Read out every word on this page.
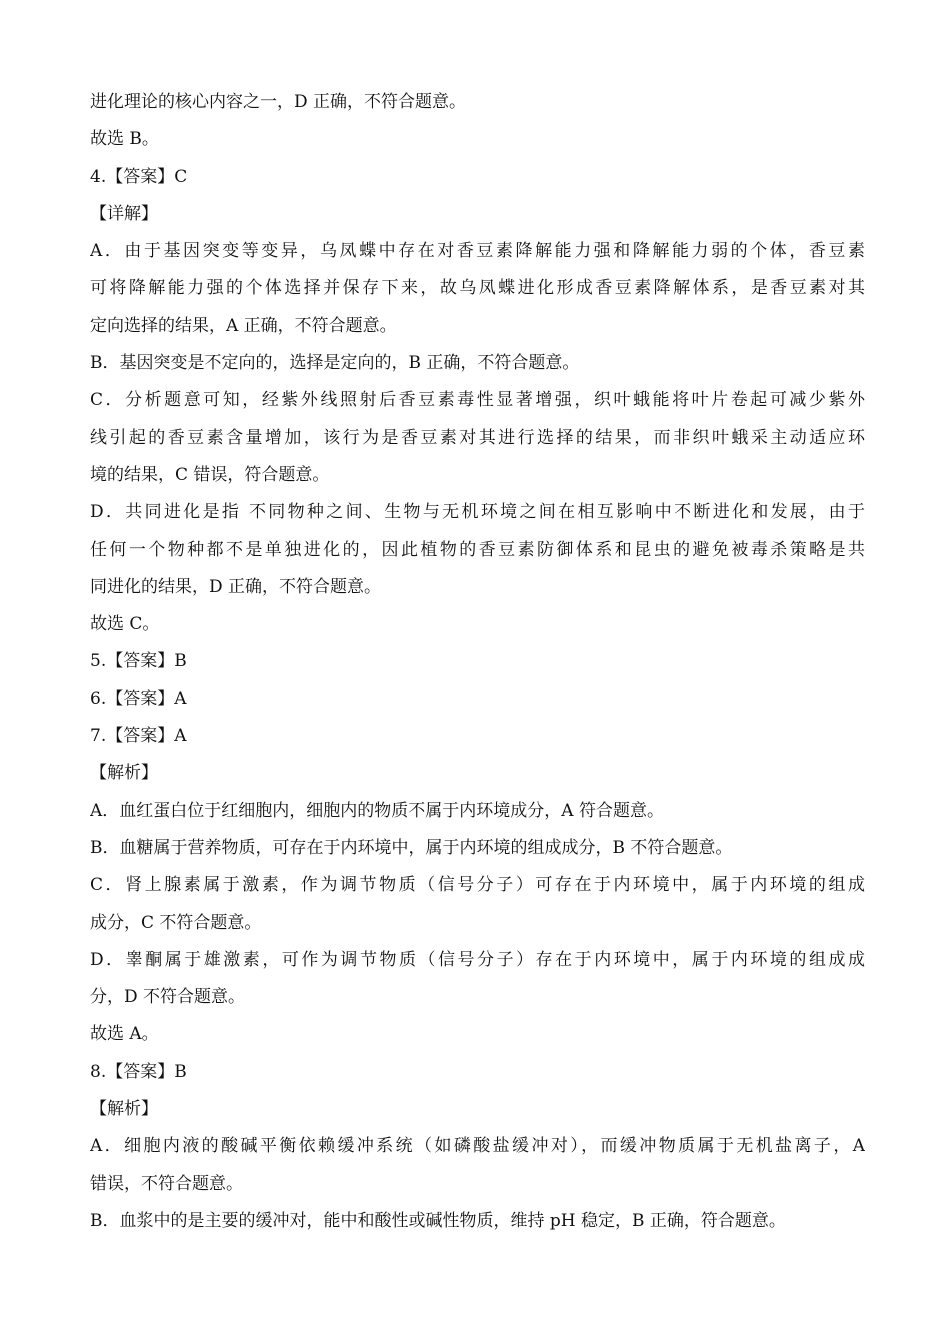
进化理论的核心内容之一，D 正确，不符合题意。
故选 B。
4.【答案】C
【详解】
A．由于基因突变等变异，乌凤蝶中存在对香豆素降解能力强和降解能力弱的个体，香豆素
可将降解能力强的个体选择并保存下来，故乌凤蝶进化形成香豆素降解体系，是香豆素对其
定向选择的结果，A 正确，不符合题意。
B．基因突变是不定向的，选择是定向的，B 正确，不符合题意。
C．分析题意可知，经紫外线照射后香豆素毒性显著增强，织叶蛾能将叶片卷起可减少紫外
线引起的香豆素含量增加，该行为是香豆素对其进行选择的结果，而非织叶蛾采主动适应环
境的结果，C 错误，符合题意。
D．共同进化是指 不同物种之间、生物与无机环境之间在相互影响中不断进化和发展，由于
任何一个物种都不是单独进化的，因此植物的香豆素防御体系和昆虫的避免被毒杀策略是共
同进化的结果，D 正确，不符合题意。
故选 C。
5.【答案】B
6.【答案】A
7.【答案】A
【解析】
A．血红蛋白位于红细胞内，细胞内的物质不属于内环境成分，A 符合题意。
B．血糖属于营养物质，可存在于内环境中，属于内环境的组成成分，B 不符合题意。
C．肾上腺素属于激素，作为调节物质（信号分子）可存在于内环境中，属于内环境的组成
成分，C 不符合题意。
D．睾酮属于雄激素，可作为调节物质（信号分子）存在于内环境中，属于内环境的组成成
分，D 不符合题意。
故选 A。
8.【答案】B
【解析】
A．细胞内液的酸碱平衡依赖缓冲系统（如磷酸盐缓冲对），而缓冲物质属于无机盐离子，A
错误，不符合题意。
B．血浆中的是主要的缓冲对，能中和酸性或碱性物质，维持 pH 稳定，B 正确，符合题意。
